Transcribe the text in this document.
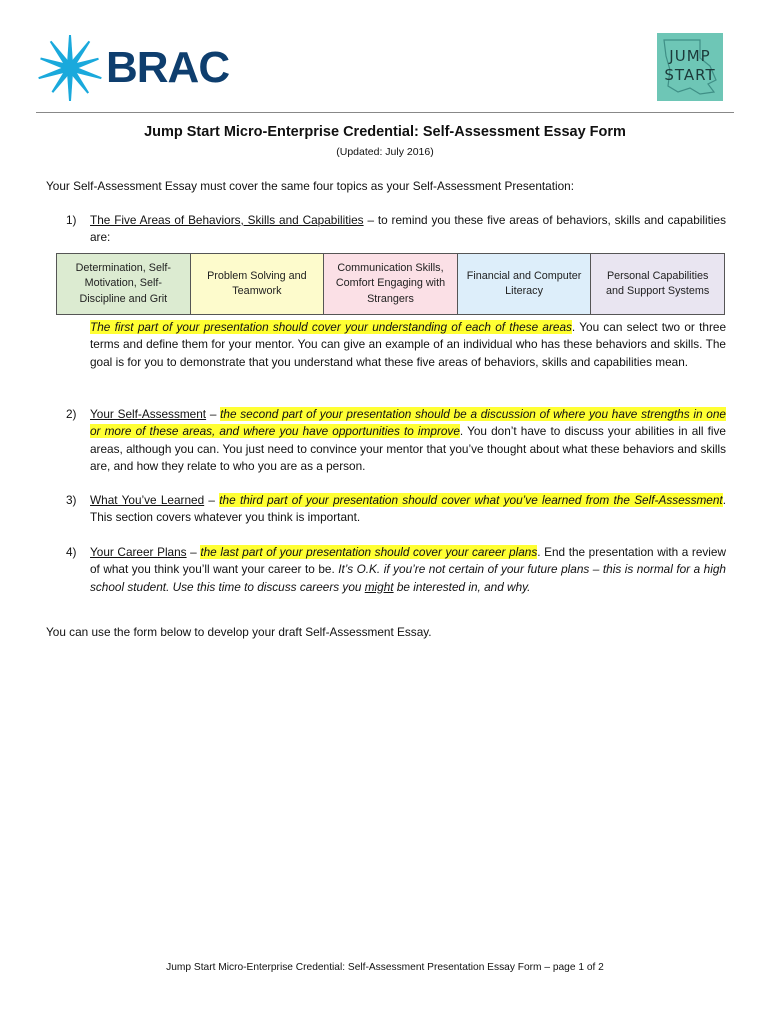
BRAC	JUMP
START
Jump Start Micro-Enterprise Credential: Self-Assessment Essay Form
(Updated: July 2016)
Your Self-Assessment Essay must cover the same four topics as your Self-Assessment Presentation:
1) The Five Areas of Behaviors, Skills and Capabilities – to remind you these five areas of behaviors, skills and capabilities are:
Determination, Self-Motivation, Self-Discipline and Grit
Problem Solving and Teamwork
Communication Skills, Comfort Engaging with Strangers
Financial and Computer Literacy
Personal Capabilities and Support Systems
The first part of your presentation should cover your understanding of each of these areas. You can select two or three terms and define them for your mentor. You can give an example of an individual who has these behaviors and skills. The goal is for you to demonstrate that you understand what these five areas of behaviors, skills and capabilities mean.
2) Your Self-Assessment – the second part of your presentation should be a discussion of where you have strengths in one or more of these areas, and where you have opportunities to improve. You don’t have to discuss your abilities in all five areas, although you can. You just need to convince your mentor that you’ve thought about what these behaviors and skills are, and how they relate to who you are as a person.
3) What You’ve Learned – the third part of your presentation should cover what you’ve learned from the Self-Assessment. This section covers whatever you think is important.
4) Your Career Plans – the last part of your presentation should cover your career plans. End the presentation with a review of what you think you’ll want your career to be. It’s O.K. if you’re not certain of your future plans – this is normal for a high school student. Use this time to discuss careers you might be interested in, and why.
You can use the form below to develop your draft Self-Assessment Essay.
Jump Start Micro-Enterprise Credential: Self-Assessment Presentation Essay Form – page 1 of 2
